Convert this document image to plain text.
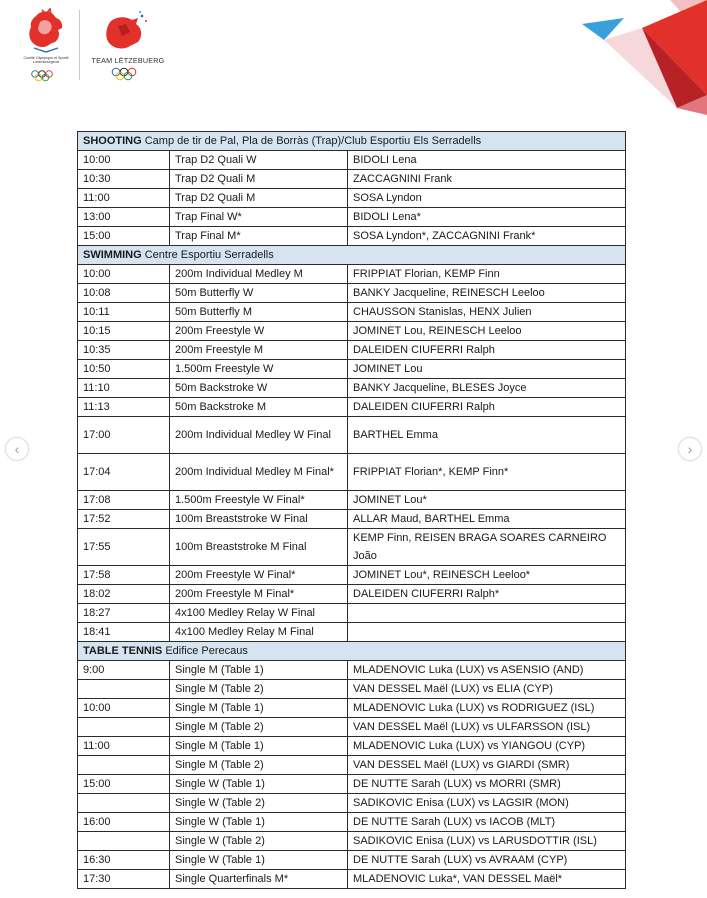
Comité Olympique et Sportif Luxembourgeois	TEAM LËTZEBUERG
‹	›
SHOOTING Camp de tir de Pal, Pla de Borràs (Trap)/Club Esportiu Els Serradells		
10:00	Trap D2 Quali W	BIDOLI Lena
10:30	Trap D2 Quali M	ZACCAGNINI Frank
11:00	Trap D2 Quali M	SOSA Lyndon
13:00	Trap Final W*	BIDOLI Lena*
15:00	Trap Final M*	SOSA Lyndon*, ZACCAGNINI Frank*
SWIMMING Centre Esportiu Serradells		
10:00	200m Individual Medley M	FRIPPIAT Florian, KEMP Finn
10:08	50m Butterfly W	BANKY Jacqueline, REINESCH Leeloo
10:11	50m Butterfly M	CHAUSSON Stanislas, HENX Julien
10:15	200m Freestyle W	JOMINET Lou, REINESCH Leeloo
10:35	200m Freestyle M	DALEIDEN CIUFERRI Ralph
10:50	1.500m Freestyle W	JOMINET Lou
11:10	50m Backstroke W	BANKY Jacqueline, BLESES Joyce
11:13	50m Backstroke M	DALEIDEN CIUFERRI Ralph
17:00	200m Individual Medley W Final	BARTHEL Emma
17:04	200m Individual Medley M Final*	FRIPPIAT Florian*, KEMP Finn*
17:08	1.500m Freestyle W Final*	JOMINET Lou*
17:52	100m Breaststroke W Final	ALLAR Maud, BARTHEL Emma
17:55	100m Breaststroke M Final	KEMP Finn, REISEN BRAGA SOARES CARNEIRO João
17:58	200m Freestyle W Final*	JOMINET Lou*, REINESCH Leeloo*
18:02	200m Freestyle M Final*	DALEIDEN CIUFERRI Ralph*
18:27	4x100 Medley Relay W Final	
18:41	4x100 Medley Relay M Final	
TABLE TENNIS Edifice Perecaus		
9:00	Single M (Table 1)	MLADENOVIC Luka (LUX) vs ASENSIO (AND)
	Single M (Table 2)	VAN DESSEL Maël (LUX) vs ELIA (CYP)
10:00	Single M (Table 1)	MLADENOVIC Luka (LUX) vs RODRIGUEZ (ISL)
	Single M (Table 2)	VAN DESSEL Maël (LUX) vs ULFARSSON (ISL)
11:00	Single M (Table 1)	MLADENOVIC Luka (LUX) vs YIANGOU (CYP)
	Single M (Table 2)	VAN DESSEL Maël (LUX) vs GIARDI (SMR)
15:00	Single W (Table 1)	DE NUTTE Sarah (LUX) vs MORRI (SMR)
	Single W (Table 2)	SADIKOVIC Enisa (LUX) vs LAGSIR (MON)
16:00	Single W (Table 1)	DE NUTTE Sarah (LUX) vs IACOB (MLT)
	Single W (Table 2)	SADIKOVIC Enisa (LUX) vs LARUSDOTTIR (ISL)
16:30	Single W (Table 1)	DE NUTTE Sarah (LUX) vs AVRAAM (CYP)
17:30	Single Quarterfinals M*	MLADENOVIC Luka*, VAN DESSEL Maël*
